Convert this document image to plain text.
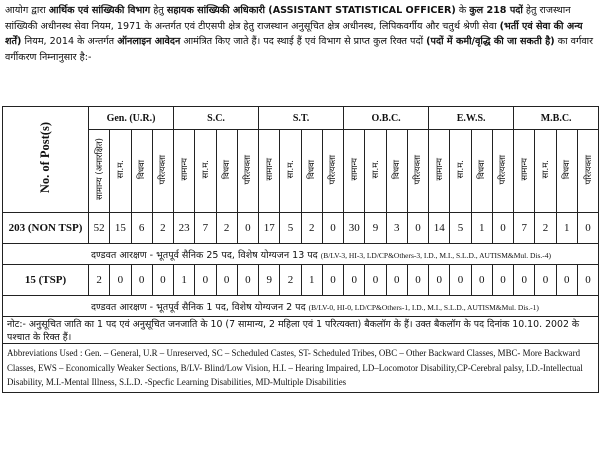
आयोग द्वारा आर्थिक एवं सांख्यिकी विभाग हेतु सहायक सांख्यिकी अधिकारी (ASSISTANT STATISTICAL OFFICER) के कुल 218 पदों हेतु राजस्थान सांख्यिकी अधीनस्थ सेवा नियम, 1971 के अन्तर्गत एवं टीएसपी क्षेत्र हेतु राजस्थान अनुसूचित क्षेत्र अधीनस्थ, लिपिकवर्गीय और चतुर्थ श्रेणी सेवा (भर्ती एवं सेवा की अन्य शर्तें) नियम, 2014 के अन्तर्गत ऑनलाइन आवेदन आमंत्रित किए जाते हैं। पद स्थाई हैं एवं विभाग से प्राप्त कुल रिक्त पदों (पदों में कमी/वृद्धि की जा सकती है) का वर्गवार वर्गीकरण निम्नानुसार है:-
No. of Post(s)	Gen. (U.R.)				S.C.				S.T.				O.B.C.				E.W.S.				M.B.C.			
	सामान्य (अनारक्षित)	सा.म.	विधवा	परित्यक्ता	सामान्य	सा.म.	विधवा	परित्यक्ता	सामान्य	सा.म.	विधवा	परित्यक्ता	सामान्य	सा.म.	विधवा	परित्यक्ता	सामान्य	सा.म.	विधवा	परित्यक्ता	सामान्य	सा.म.	विधवा	परित्यक्ता
203 (NON TSP)	52	15	6	2	23	7	2	0	17	5	2	0	30	9	3	0	14	5	1	0	7	2	1	0
दण्डवत आरक्षण - भूतपूर्व सैनिक 25 पद, विशेष योग्यजन 13 पद (B/LV-3, HI-3, LD/CP&Others-3, I.D., M.I., S.L.D., AUTISM&Mul. Dis.-4)																								
15 (TSP)	2	0	0	0	1	0	0	0	9	2	1	0	0	0	0	0	0	0	0	0	0	0	0	0
दण्डवत आरक्षण - भूतपूर्व सैनिक 1 पद, विशेष योग्यजन 2 पद (B/LV-0, HI-0, LD/CP&Others-1, I.D., M.I., S.L.D., AUTISM&Mul. Dis.-1)																								
नोट:- अनुसूचित जाति का 1 पद एवं अनुसूचित जनजाति के 10 (7 सामान्य, 2 महिला एवं 1 परित्यक्ता) बैकलॉग के हैं। उक्त बैकलॉग के पद दिनांक 10.10. 2002 के पश्चात के रिक्त हैं।																								
Abbreviations Used : Gen. – General, U.R – Unreserved, SC – Scheduled Castes, ST- Scheduled Tribes, OBC – Other Backward Classes, MBC- More Backward Classes, EWS – Economically Weaker Sections, B/LV- Blind/Low Vision, H.I. – Hearing Impaired, LD–Locomotor Disability,CP-Cerebral palsy, I.D.-Intellectual Disability, M.I.-Mental Illness, S.L.D. -Specfic Learning Disabilities, MD-Multiple Disabilities																								
